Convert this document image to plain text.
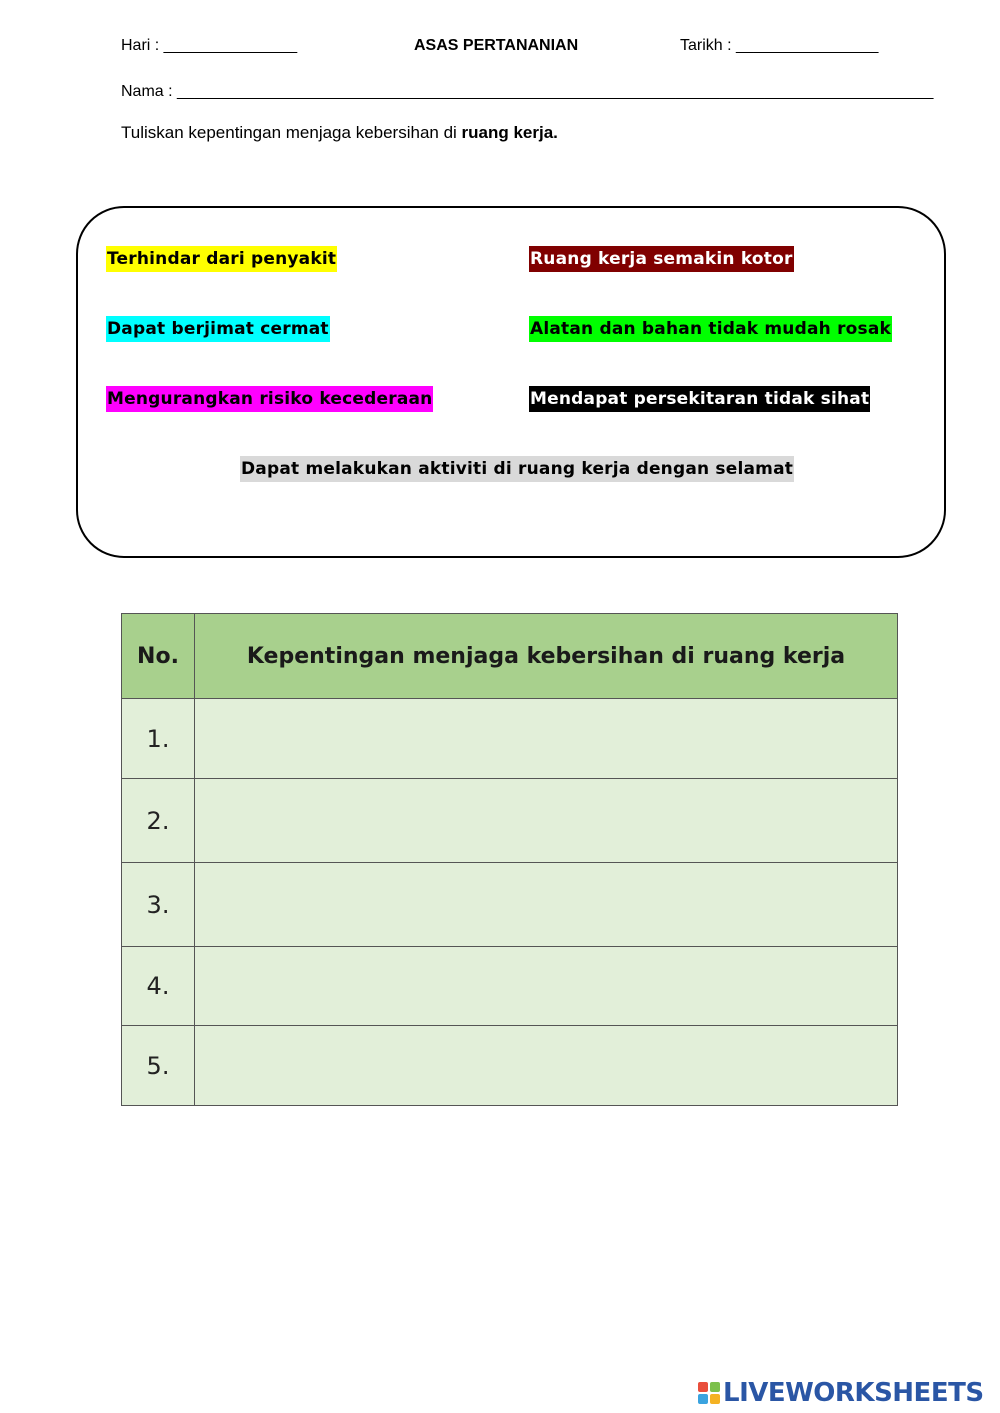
Hari : _______________	ASAS PERTANANIAN	Tarikh : ________________
Nama : _____________________________________________________________________________________
Tuliskan kepentingan menjaga kebersihan di ruang kerja.
Terhindar dari penyakit
Dapat berjimat cermat
Mengurangkan risiko kecederaan
Ruang kerja semakin kotor
Alatan dan bahan tidak mudah rosak
Mendapat persekitaran tidak sihat
Dapat melakukan aktiviti di ruang kerja dengan selamat
No.	Kepentingan menjaga kebersihan di ruang kerja
1.	
2.	
3.	
4.	
5.	
LIVEWORKSHEETS
